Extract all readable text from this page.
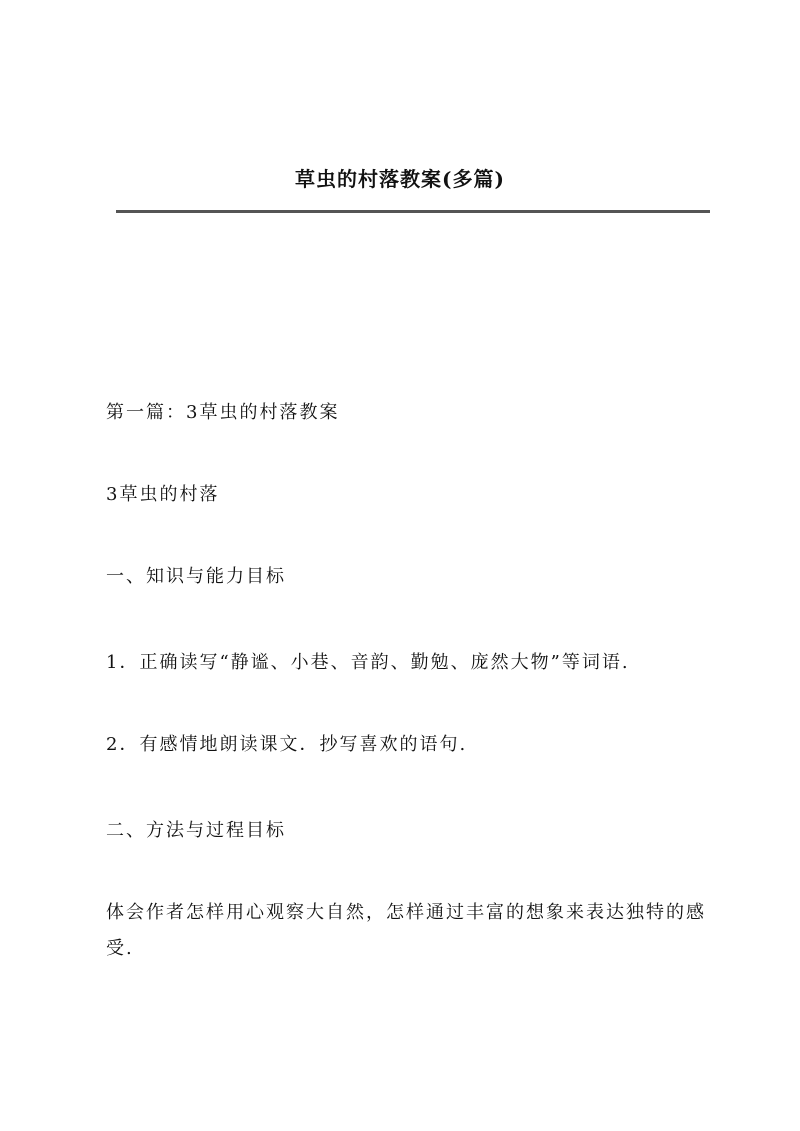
草虫的村落教案(多篇)
第一篇：3草虫的村落教案
3草虫的村落
一、知识与能力目标
1．正确读写“静谧、小巷、音韵、勤勉、庞然大物”等词语.
2．有感情地朗读课文．抄写喜欢的语句.
二、方法与过程目标
体会作者怎样用心观察大自然，怎样通过丰富的想象来表达独特的感受.
